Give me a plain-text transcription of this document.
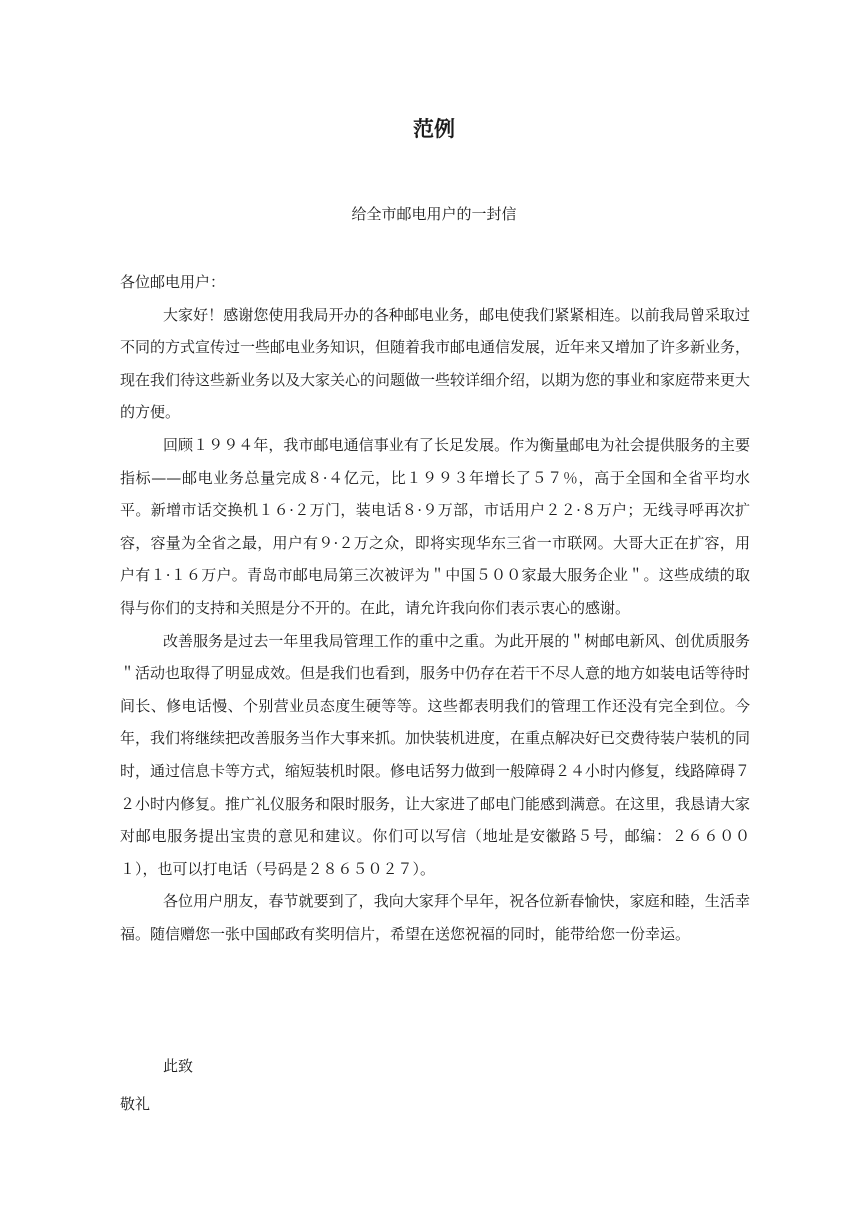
范例
给全市邮电用户的一封信

各位邮电用户：

大家好！感谢您使用我局开办的各种邮电业务，邮电使我们紧紧相连。以前我局曾采取过不同的方式宣传过一些邮电业务知识，但随着我市邮电通信发展，近年来又增加了许多新业务，现在我们待这些新业务以及大家关心的问题做一些较详细介绍，以期为您的事业和家庭带来更大的方便。

回顾１９９４年，我市邮电通信事业有了长足发展。作为衡量邮电为社会提供服务的主要指标——邮电业务总量完成８·４亿元，比１９９３年增长了５７％，高于全国和全省平均水平。新增市话交换机１６·２万门，装电话８·９万部，市话用户２２·８万户；无线寻呼再次扩容，容量为全省之最，用户有９·２万之众，即将实现华东三省一市联网。大哥大正在扩容，用户有１·１６万户。青岛市邮电局第三次被评为＂中国５００家最大服务企业＂。这些成绩的取得与你们的支持和关照是分不开的。在此，请允许我向你们表示衷心的感谢。

改善服务是过去一年里我局管理工作的重中之重。为此开展的＂树邮电新风、创优质服务＂活动也取得了明显成效。但是我们也看到，服务中仍存在若干不尽人意的地方如装电话等待时间长、修电话慢、个别营业员态度生硬等等。这些都表明我们的管理工作还没有完全到位。今年，我们将继续把改善服务当作大事来抓。加快装机进度，在重点解决好已交费待装户装机的同时，通过信息卡等方式，缩短装机时限。修电话努力做到一般障碍２４小时内修复，线路障碍７２小时内修复。推广礼仪服务和限时服务，让大家进了邮电门能感到满意。在这里，我恳请大家对邮电服务提出宝贵的意见和建议。你们可以写信（地址是安徽路５号，邮编：２６６００１），也可以打电话（号码是２８６５０２７）。

各位用户朋友，春节就要到了，我向大家拜个早年，祝各位新春愉快，家庭和睦，生活幸福。随信赠您一张中国邮政有奖明信片，希望在送您祝福的同时，能带给您一份幸运。

此致
敬礼
